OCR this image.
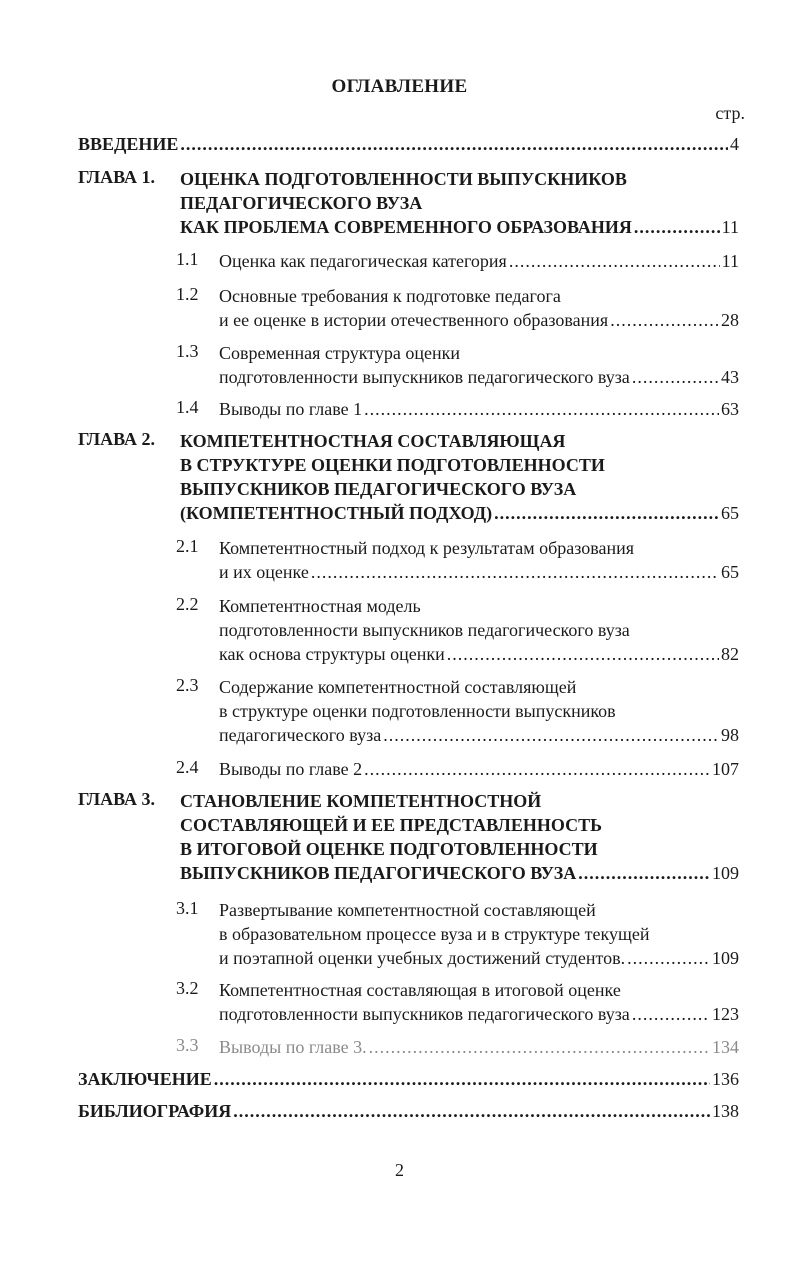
ОГЛАВЛЕНИЕ
стр.
ВВЕДЕНИЕ .....	4
ГЛАВА 1. ОЦЕНКА ПОДГОТОВЛЕННОСТИ ВЫПУСКНИКОВ
ПЕДАГОГИЧЕСКОГО ВУЗА
КАК ПРОБЛЕМА СОВРЕМЕННОГО ОБРАЗОВАНИЯ .....	11
1.1 Оценка как педагогическая категория .....	11
1.2 Основные требования к подготовке педагога
и ее оценке в истории отечественного образования .....	28
1.3 Современная структура оценки
подготовленности выпускников педагогического вуза .....	43
1.4 Выводы по главе 1 .....	63
ГЛАВА 2. КОМПЕТЕНТНОСТНАЯ СОСТАВЛЯЮЩАЯ
В СТРУКТУРЕ ОЦЕНКИ ПОДГОТОВЛЕННОСТИ
ВЫПУСКНИКОВ ПЕДАГОГИЧЕСКОГО ВУЗА
(КОМПЕТЕНТНОСТНЫЙ ПОДХОД) .....	65
2.1 Компетентностный подход к результатам образования
и их оценке .....	65
2.2 Компетентностная модель
подготовленности выпускников педагогического вуза
как основа структуры оценки .....	82
2.3 Содержание компетентностной составляющей
в структуре оценки подготовленности выпускников
педагогического вуза .....	98
2.4 Выводы по главе 2 .....	107
ГЛАВА 3. СТАНОВЛЕНИЕ КОМПЕТЕНТНОСТНОЙ
СОСТАВЛЯЮЩЕЙ И ЕЕ ПРЕДСТАВЛЕННОСТЬ
В ИТОГОВОЙ ОЦЕНКЕ ПОДГОТОВЛЕННОСТИ
ВЫПУСКНИКОВ ПЕДАГОГИЧЕСКОГО ВУЗА .....	109
3.1 Развертывание компетентностной составляющей
в образовательном процессе вуза и в структуре текущей
и поэтапной оценки учебных достижений студентов. .....	109
3.2 Компетентностная составляющая в итоговой оценке
подготовленности выпускников педагогического вуза .....	123
3.3 Выводы по главе 3. .....	134
ЗАКЛЮЧЕНИЕ .....	136
БИБЛИОГРАФИЯ .....	138
2
